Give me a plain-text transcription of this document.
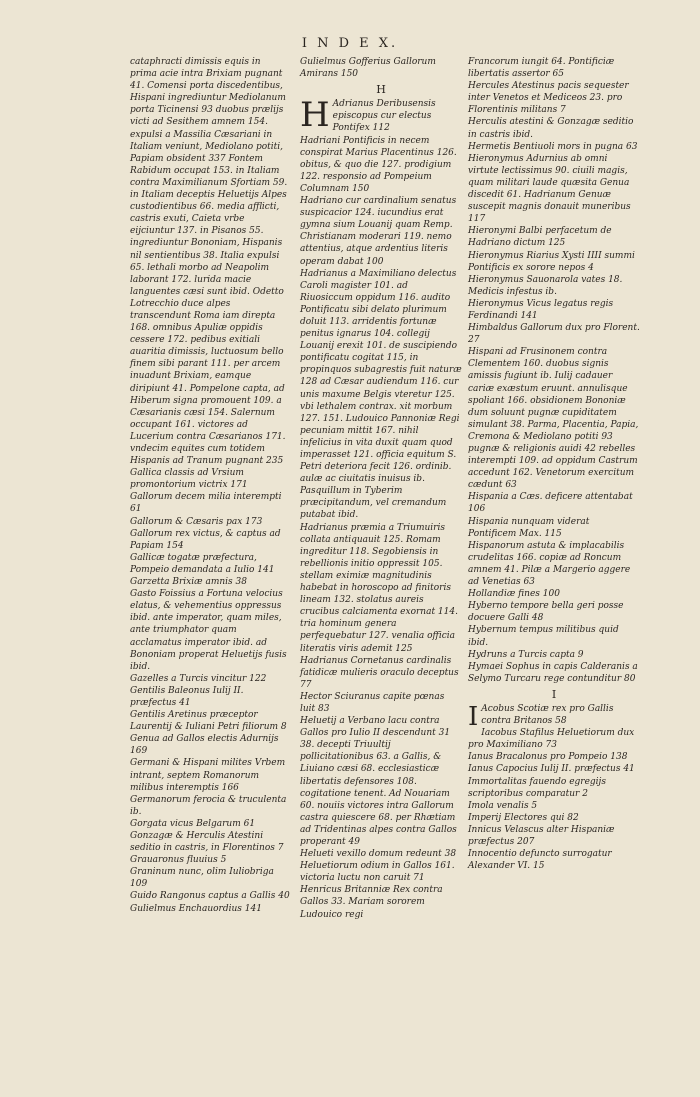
I N D E X.

cataphracti dimissis equis in prima acie intra Brixiam pugnant 41. Comensi porta discedentibus, Hispani ingrediuntur Mediolanum porta Ticinensi 93 duobus prælijs victi ad Sesithem amnem 154. expulsi a Massilia Cæsariani in Italiam veniunt, Mediolano potiti, Papiam obsident 337 Fontem Rabidum occupat 153. in Italiam contra Maximilianum Sfortiam 59. in Italiam deceptis Heluetijs Alpes custodientibus 66. media afflicti, castris exuti, Caieta vrbe eijciuntur 137. in Pisanos 55. ingrediuntur Bononiam, Hispanis nil sentientibus 38. Italia expulsi 65. lethali morbo ad Neapolim laborant 172. lurida macie languentes cæsi sunt ibid. Odetto Lotrecchio duce alpes transcendunt Roma iam direpta 168. omnibus Apuliæ oppidis cessere 172. pedibus exitiali auaritia dimissis, luctuosum bello finem sibi parant 111. per arcem inuadunt Brixiam, eamque diripiunt 41. Pompelone capta, ad Hiberum signa promouent 109. a Cæsarianis cæsi 154. Salernum occupant 161. victores ad Lucerium contra Cæsarianos 171. vndecim equites cum totidem Hispanis ad Tranum pugnant 235

Gallica classis ad Vrsium promontorium victrix 171

Gallorum decem milia interempti 61

Gallorum & Cæsaris pax 173

Gallorum rex victus, & captus ad Papiam 154

Gallicæ togatæ præfectura, Pompeio demandata a Iulio 141

Garzetta Brixiæ amnis 38

Gasto Foissius a Fortuna velocius elatus, & vehementius oppressus ibid. ante imperator, quam miles, ante triumphator quam acclamatus imperator ibid. ad Bononiam properat Heluetijs fusis ibid.

Gazelles a Turcis vincitur 122

Gentilis Baleonus Iulij II. præfectus 41

Gentilis Aretinus præceptor Laurentij & Iuliani Petri filiorum 8

Genua ad Gallos electis Adurnijs 169

Germani & Hispani milites Vrbem intrant, septem Romanorum milibus interemptis 166

Germanorum ferocia & truculenta ib.

Gorgata vicus Belgarum 61

Gonzagæ & Herculis Atestini seditio in castris, in Florentinos 7

Grauaronus fluuius 5

Graninum nunc, olim Iuliobriga 109

Guido Rangonus captus a Gallis 40

Gulielmus Enchauordius 141

Gulielmus Gofferius Gallorum Amirans 150

H

H Adrianus Deribusensis episcopus cur electus Pontifex 112

Hadriani Pontificis in necem conspirat Marius Placentinus 126. obitus, & quo die 127. prodigium 122. responsio ad Pompeium Columnam 150

Hadriano cur cardinalium senatus suspicacior 124. iucundius erat gymna sium Louanij quam Remp. Christianam moderari 119. nemo attentius, atque ardentius literis operam dabat 100

Hadrianus a Maximiliano delectus Caroli magister 101. ad Riuosiccum oppidum 116. audito Pontificatu sibi delato plurimum doluit 113. arridentis fortunæ penitus ignarus 104. collegij Louanij erexit 101. de suscipiendo pontificatu cogitat 115, in propinquos subagrestis fuit naturæ 128 ad Cæsar audiendum 116. cur unis maxume Belgis vteretur 125. vbi lethalem contrax. xit morbum 127. 151. Ludouico Pannoniæ Regi pecuniam mittit 167. nihil infelicius in vita duxit quam quod imperasset 121. officia equitum S. Petri deteriora fecit 126. ordinib. aulæ ac ciuitatis inuisus ib. Pasquillum in Tyberim præcipitandum, vel cremandum putabat ibid.

Hadrianus præmia a Triumuiris collata antiquauit 125. Romam ingreditur 118. Segobiensis in rebellionis initio oppressit 105. stellam eximiæ magnitudinis habebat in horoscopo ad finitoris lineam 132. stolatus aureis crucibus calciamenta exornat 114. tria hominum genera perfequebatur 127. venalia officia literatis viris ademit 125

Hadrianus Cornetanus cardinalis fatidicæ mulieris oraculo deceptus 77

Hector Sciuranus capite pœnas luit 83

Heluetij a Verbano lacu contra Gallos pro Iulio II descendunt 31 38. decepti Triuultij pollicitationibus 63. a Gallis, & Liuiano cæsi 68. ecclesiasticæ libertatis defensores 108. cogitatione tenent. Ad Nouariam 60. nouiis victores intra Gallorum castra quiescere 68. per Rhætiam ad Tridentinas alpes contra Gallos properant 49

Helueti vexillo domum redeunt 38

Heluetiorum odium in Gallos 161. victoria luctu non caruit 71

Henricus Britanniæ Rex contra Gallos 33. Mariam sororem Ludouico regi

Francorum iungit 64. Pontificiæ libertatis assertor 65

Hercules Atestinus pacis sequester inter Venetos et Mediceos 23. pro Florentinis militans 7

Herculis atestini & Gonzagæ seditio in castris ibid.

Hermetis Bentiuoli mors in pugna 63

Hieronymus Adurnius ab omni virtute lectissimus 90. ciuili magis, quam militari laude quæsita Genua discedit 61. Hadrianum Genuæ suscepit magnis donauit muneribus 117

Hieronymi Balbi perfacetum de Hadriano dictum 125

Hieronymus Riarius Xysti IIII summi Pontificis ex sorore nepos 4

Hieronymus Sauonarola vates 18. Medicis infestus ib.

Hieronymus Vicus legatus regis Ferdinandi 141

Himbaldus Gallorum dux pro Florent. 27

Hispani ad Frusinonem contra Clementem 160. duobus signis amissis fugiunt ib. Iulij cadauer cariæ exæstum eruunt. annulisque spoliant 166. obsidionem Bononiæ dum soluunt pugnæ cupiditatem simulant 38. Parma, Placentia, Papia, Cremona & Mediolano potiti 93 pugnæ & religionis auidi 42 rebelles interempti 109. ad oppidum Castrum accedunt 162. Venetorum exercitum cædunt 63

Hispania a Cæs. deficere attentabat 106

Hispania nunquam viderat Pontificem Max. 115

Hispanorum astuta & implacabilis crudelitas 166. copiæ ad Roncum amnem 41. Pilæ a Margerio aggere ad Venetias 63

Hollandiæ fines 100

Hyberno tempore bella geri posse docuere Galli 48

Hybernum tempus militibus quid ibid.

Hydruns a Turcis capta 9

Hymaei Sophus in capis Calderanis a Selymo Turcaru rege contunditur 80

I

I Acobus Scotiæ rex pro Gallis contra Britanos 58

Iacobus Stafilus Heluetiorum dux pro Maximiliano 73

Ianus Bracalonus pro Pompeio 138

Ianus Capocius Iulij II. præfectus 41

Immortalitas fauendo egregijs scriptoribus comparatur 2

Imola venalis 5

Imperij Electores qui 82

Innicus Velascus alter Hispaniæ præfectus 207

Innocentio defuncto surrogatur Alexander VI. 15
